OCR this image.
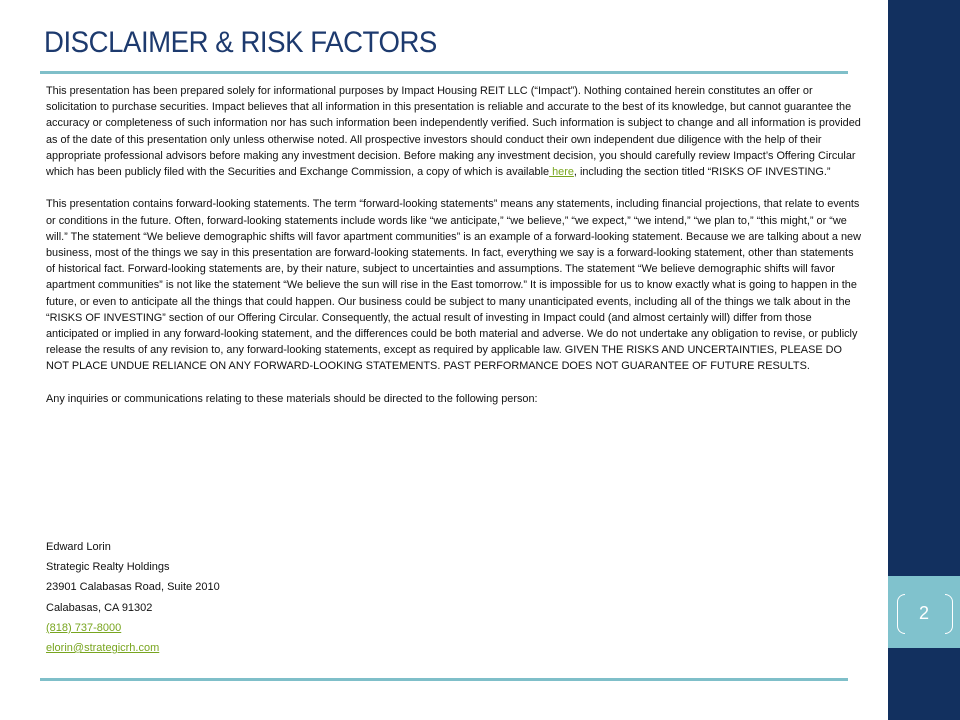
DISCLAIMER & RISK FACTORS

This presentation has been prepared solely for informational purposes by Impact Housing REIT LLC (“Impact”). Nothing contained herein constitutes an offer or solicitation to purchase securities. Impact believes that all information in this presentation is reliable and accurate to the best of its knowledge, but cannot guarantee the accuracy or completeness of such information nor has such information been independently verified. Such information is subject to change and all information is provided as of the date of this presentation only unless otherwise noted. All prospective investors should conduct their own independent due diligence with the help of their appropriate professional advisors before making any investment decision. Before making any investment decision, you should carefully review Impact’s Offering Circular which has been publicly filed with the Securities and Exchange Commission, a copy of which is available here, including the section titled “RISKS OF INVESTING.”

This presentation contains forward-looking statements. The term “forward-looking statements” means any statements, including financial projections, that relate to events or conditions in the future. Often, forward-looking statements include words like “we anticipate,” “we believe,” “we expect,” “we intend,” “we plan to,” “this might,” or “we will.” The statement “We believe demographic shifts will favor apartment communities” is an example of a forward-looking statement. Because we are talking about a new business, most of the things we say in this presentation are forward-looking statements. In fact, everything we say is a forward-looking statement, other than statements of historical fact. Forward-looking statements are, by their nature, subject to uncertainties and assumptions. The statement “We believe demographic shifts will favor apartment communities” is not like the statement “We believe the sun will rise in the East tomorrow.” It is impossible for us to know exactly what is going to happen in the future, or even to anticipate all the things that could happen. Our business could be subject to many unanticipated events, including all of the things we talk about in the “RISKS OF INVESTING” section of our Offering Circular. Consequently, the actual result of investing in Impact could (and almost certainly will) differ from those anticipated or implied in any forward-looking statement, and the differences could be both material and adverse. We do not undertake any obligation to revise, or publicly release the results of any revision to, any forward-looking statements, except as required by applicable law. GIVEN THE RISKS AND UNCERTAINTIES, PLEASE DO NOT PLACE UNDUE RELIANCE ON ANY FORWARD-LOOKING STATEMENTS. PAST PERFORMANCE DOES NOT GUARANTEE OF FUTURE RESULTS.

Any inquiries or communications relating to these materials should be directed to the following person:

Edward Lorin
Strategic Realty Holdings
23901 Calabasas Road, Suite 2010
Calabasas, CA 91302
(818) 737-8000
elorin@strategicrh.com
2
